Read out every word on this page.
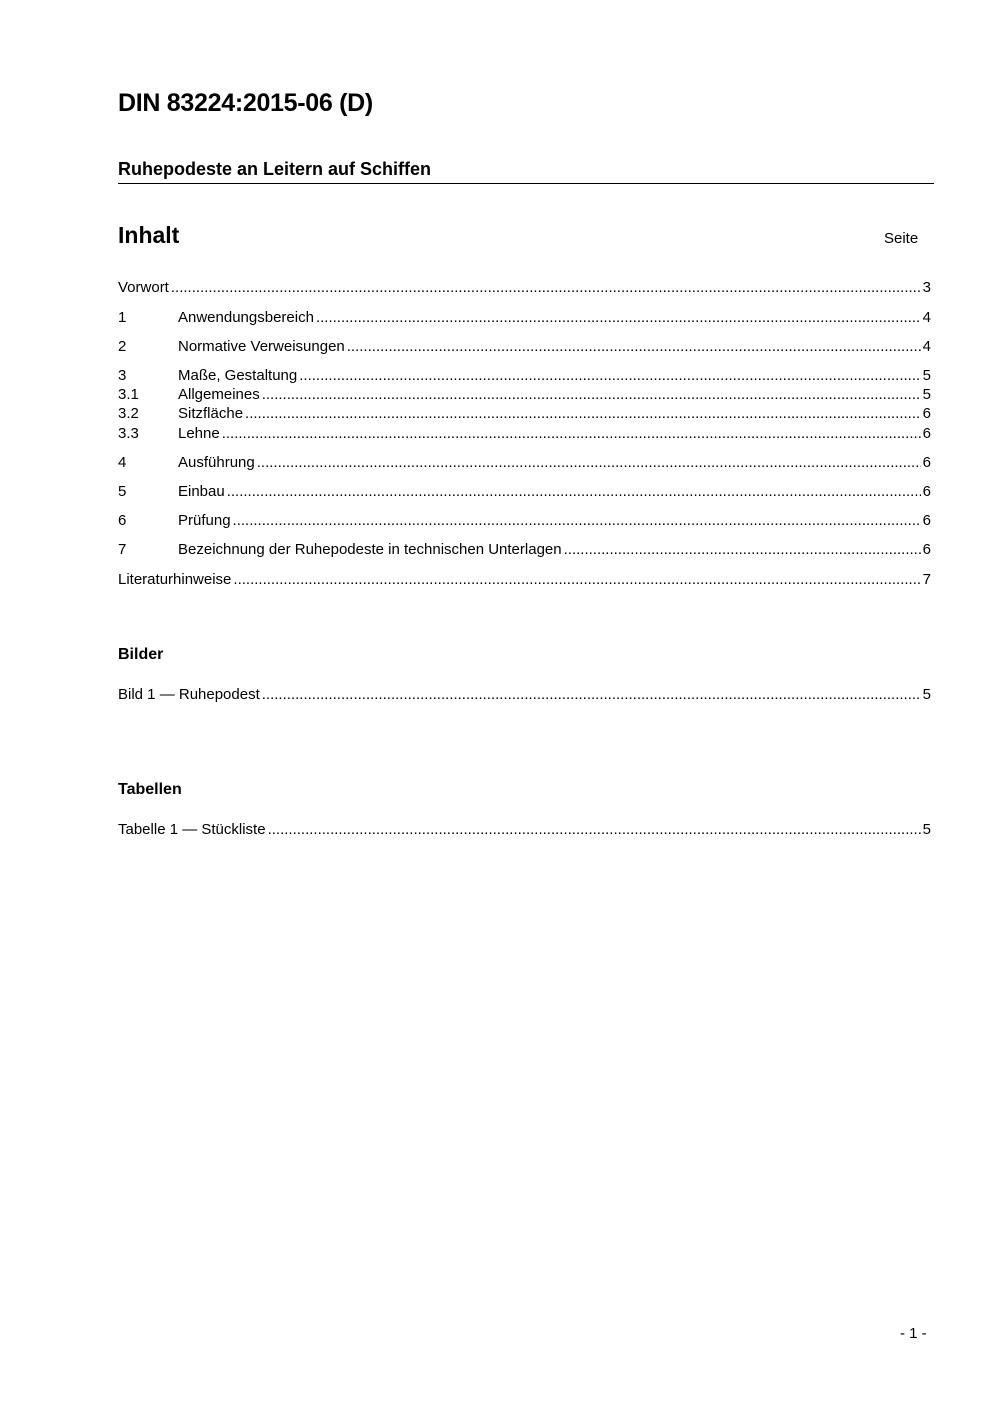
DIN 83224:2015-06 (D)
Ruhepodeste an Leitern auf Schiffen
Inhalt	Seite
Vorwort .....	3
1	Anwendungsbereich .....	4
2	Normative Verweisungen .....	4
3	Maße, Gestaltung .....	5
3.1	Allgemeines .....	5
3.2	Sitzfläche .....	6
3.3	Lehne .....	6
4	Ausführung .....	6
5	Einbau .....	6
6	Prüfung .....	6
7	Bezeichnung der Ruhepodeste in technischen Unterlagen .....	6
Literaturhinweise .....	7
Bilder
Bild 1 — Ruhepodest .....	5
Tabellen
Tabelle 1 — Stückliste .....	5
- 1 -
